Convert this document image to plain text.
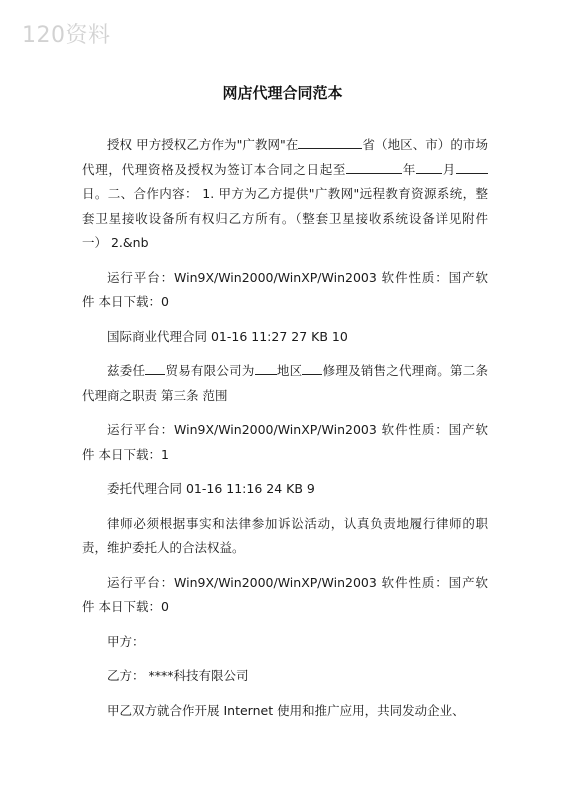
120资料
网店代理合同范本

授权 甲方授权乙方作为"广教网"在	省（地区、市）的市场代理，代理资格及授权为签订本合同之日起至	年 月日。二、合作内容： 1. 甲方为乙方提供"广教网"远程教育资源系统，整套卫星接收设备所有权归乙方所有。（整套卫星接收系统设备详见附件一） 2.&nb

运行平台：Win9X/Win2000/WinXP/Win2003 软件性质：国产软件 本日下载：0

国际商业代理合同 01-16 11:27 27 KB 10

兹委任 贸易有限公司为 地区 修理及销售之代理商。第二条 代理商之职责 第三条 范围

运行平台：Win9X/Win2000/WinXP/Win2003 软件性质：国产软件 本日下载：1

委托代理合同 01-16 11:16 24 KB 9

律师必须根据事实和法律参加诉讼活动，认真负责地履行律师的职责，维护委托人的合法权益。

运行平台：Win9X/Win2000/WinXP/Win2003 软件性质：国产软件 本日下载：0

甲方：

乙方： ****科技有限公司

甲乙双方就合作开展 Internet 使用和推广应用，共同发动企业、
